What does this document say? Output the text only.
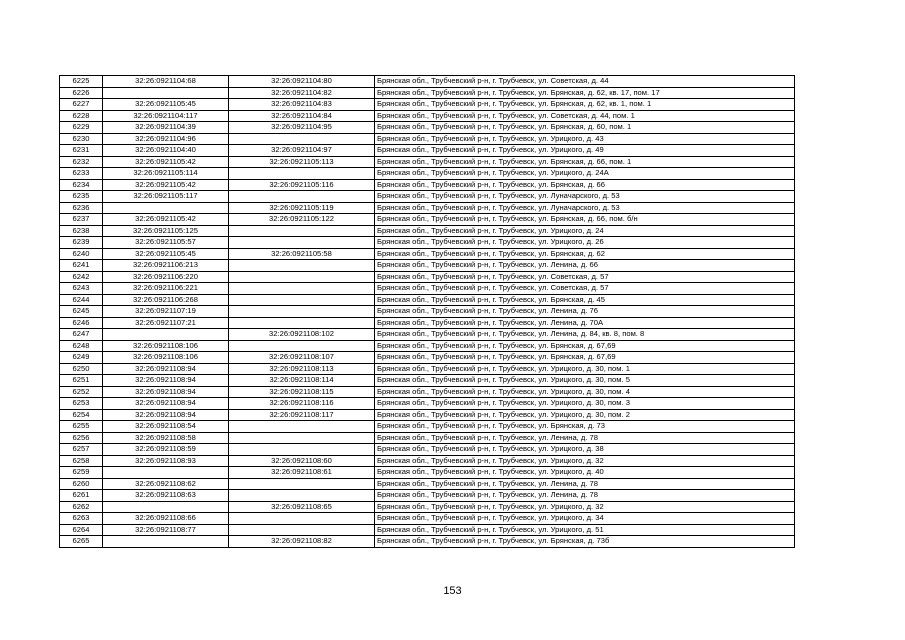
6225	32:26:0921104:68	32:26:0921104:80	Брянская обл., Трубчевский р-н, г. Трубчевск, ул. Советская, д. 44
6226		32:26:0921104:82	Брянская обл., Трубчевский р-н, г. Трубчевск, ул. Брянская, д. 62, кв. 17, пом. 17
6227	32:26:0921105:45	32:26:0921104:83	Брянская обл., Трубчевский р-н, г. Трубчевск, ул. Брянская, д. 62, кв. 1, пом. 1
6228	32:26:0921104:117	32:26:0921104:84	Брянская обл., Трубчевский р-н, г. Трубчевск, ул. Советская, д. 44, пом. 1
6229	32:26:0921104:39	32:26:0921104:95	Брянская обл., Трубчевский р-н, г. Трубчевск, ул. Брянская, д. 60, пом. 1
6230	32:26:0921104:96		Брянская обл., Трубчевский р-н, г. Трубчевск, ул. Урицкого, д. 43
6231	32:26:0921104:40	32:26:0921104:97	Брянская обл., Трубчевский р-н, г. Трубчевск, ул. Урицкого, д. 49
6232	32:26:0921105:42	32:26:0921105:113	Брянская обл., Трубчевский р-н, г. Трубчевск, ул. Брянская, д. 66, пом. 1
6233	32:26:0921105:114		Брянская обл., Трубчевский р-н, г. Трубчевск, ул. Урицкого, д. 24А
6234	32:26:0921105:42	32:26:0921105:116	Брянская обл., Трубчевский р-н, г. Трубчевск, ул. Брянская, д. 66
6235	32:26:0921105:117		Брянская обл., Трубчевский р-н, г. Трубчевск, ул. Луначарского, д. 53
6236		32:26:0921105:119	Брянская обл., Трубчевский р-н, г. Трубчевск, ул. Луначарского, д. 53
6237	32:26:0921105:42	32:26:0921105:122	Брянская обл., Трубчевский р-н, г. Трубчевск, ул. Брянская, д. 66, пом. б/н
6238	32:26:0921105:125		Брянская обл., Трубчевский р-н, г. Трубчевск, ул. Урицкого, д. 24
6239	32:26:0921105:57		Брянская обл., Трубчевский р-н, г. Трубчевск, ул. Урицкого, д. 26
6240	32:26:0921105:45	32:26:0921105:58	Брянская обл., Трубчевский р-н, г. Трубчевск, ул. Брянская, д. 62
6241	32:26:0921106:213		Брянская обл., Трубчевский р-н, г. Трубчевск, ул. Ленина, д. 66
6242	32:26:0921106:220		Брянская обл., Трубчевский р-н, г. Трубчевск, ул. Советская, д. 57
6243	32:26:0921106:221		Брянская обл., Трубчевский р-н, г. Трубчевск, ул. Советская, д. 57
6244	32:26:0921106:268		Брянская обл., Трубчевский р-н, г. Трубчевск, ул. Брянская, д. 45
6245	32:26:0921107:19		Брянская обл., Трубчевский р-н, г. Трубчевск, ул. Ленина, д. 76
6246	32:26:0921107:21		Брянская обл., Трубчевский р-н, г. Трубчевск, ул. Ленина, д. 70А
6247		32:26:0921108:102	Брянская обл., Трубчевский р-н, г. Трубчевск, ул. Ленина, д. 84, кв. 8, пом. 8
6248	32:26:0921108:106		Брянская обл., Трубчевский р-н, г. Трубчевск, ул. Брянская, д. 67,69
6249	32:26:0921108:106	32:26:0921108:107	Брянская обл., Трубчевский р-н, г. Трубчевск, ул. Брянская, д. 67,69
6250	32:26:0921108:94	32:26:0921108:113	Брянская обл., Трубчевский р-н, г. Трубчевск, ул. Урицкого, д. 30, пом. 1
6251	32:26:0921108:94	32:26:0921108:114	Брянская обл., Трубчевский р-н, г. Трубчевск, ул. Урицкого, д. 30, пом. 5
6252	32:26:0921108:94	32:26:0921108:115	Брянская обл., Трубчевский р-н, г. Трубчевск, ул. Урицкого, д. 30, пом. 4
6253	32:26:0921108:94	32:26:0921108:116	Брянская обл., Трубчевский р-н, г. Трубчевск, ул. Урицкого, д. 30, пом. 3
6254	32:26:0921108:94	32:26:0921108:117	Брянская обл., Трубчевский р-н, г. Трубчевск, ул. Урицкого, д. 30, пом. 2
6255	32:26:0921108:54		Брянская обл., Трубчевский р-н, г. Трубчевск, ул. Брянская, д. 73
6256	32:26:0921108:58		Брянская обл., Трубчевский р-н, г. Трубчевск, ул. Ленина, д. 78
6257	32:26:0921108:59		Брянская обл., Трубчевский р-н, г. Трубчевск, ул. Урицкого, д. 38
6258	32:26:0921108:93	32:26:0921108:60	Брянская обл., Трубчевский р-н, г. Трубчевск, ул. Урицкого, д. 32
6259		32:26:0921108:61	Брянская обл., Трубчевский р-н, г. Трубчевск, ул. Урицкого, д. 40
6260	32:26:0921108:62		Брянская обл., Трубчевский р-н, г. Трубчевск, ул. Ленина, д. 78
6261	32:26:0921108:63		Брянская обл., Трубчевский р-н, г. Трубчевск, ул. Ленина, д. 78
6262		32:26:0921108:65	Брянская обл., Трубчевский р-н, г. Трубчевск, ул. Урицкого, д. 32
6263	32:26:0921108:66		Брянская обл., Трубчевский р-н, г. Трубчевск, ул. Урицкого, д. 34
6264	32:26:0921108:77		Брянская обл., Трубчевский р-н, г. Трубчевск, ул. Урицкого, д. 51
6265		32:26:0921108:82	Брянская обл., Трубчевский р-н, г. Трубчевск, ул. Брянская, д. 73б
153
